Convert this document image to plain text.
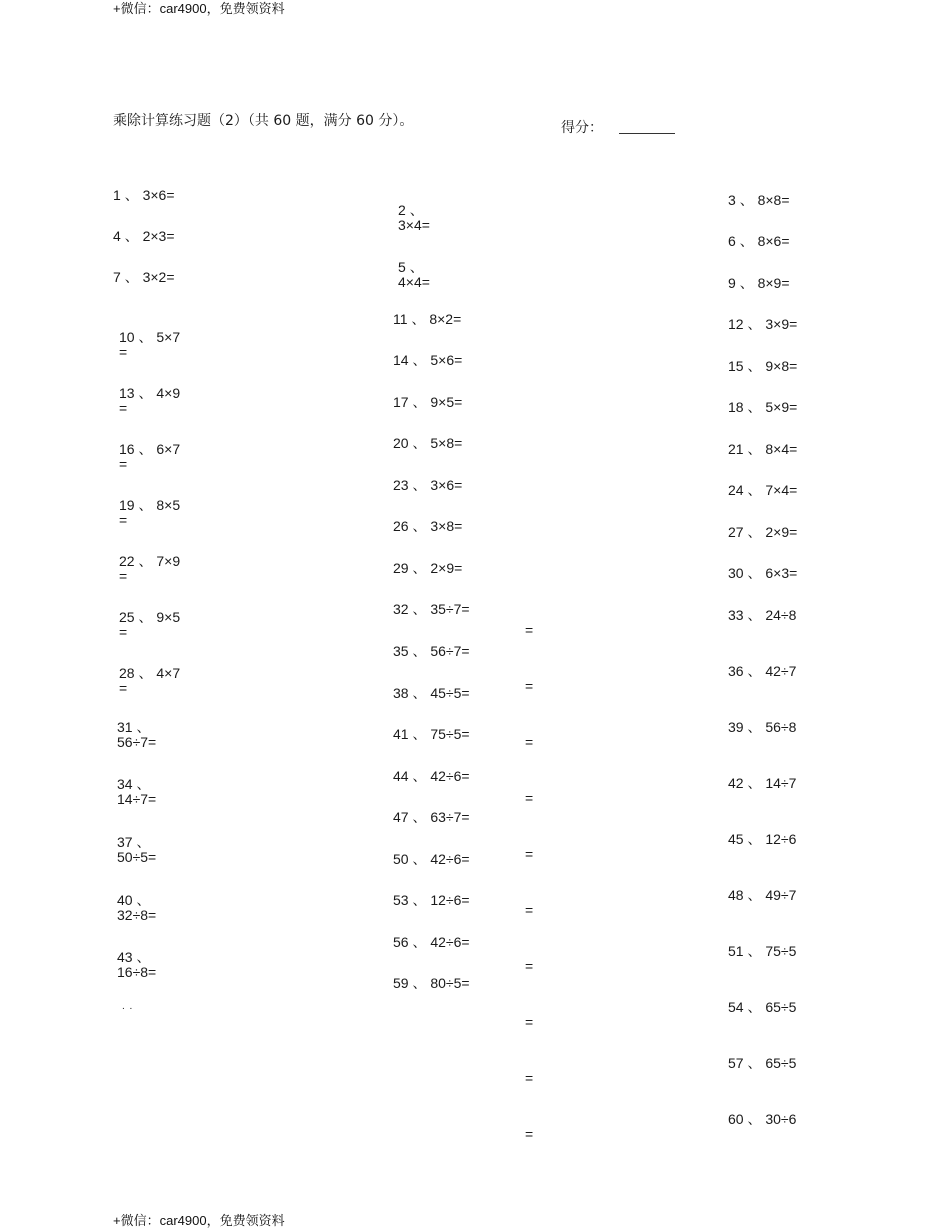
+微信：car4900，免费领资料
乘除计算练习题（2）（共 60 题，满分 60 分）。	得分：
1 、 3×6=
2 、
3×4=
3 、 8×8=
4 、 2×3=
5 、
4×4=
6 、 8×6=
7 、 3×2=	9 、 8×9=
10 、 5×7
=
11 、 8×2=	12 、 3×9=
13 、 4×9
=
14 、 5×6=	15 、 9×8=
16 、 6×7
=
17 、 9×5=	18 、 5×9=
19 、 8×5
=
20 、 5×8=	21 、 8×4=
22 、 7×9
=
23 、 3×6=	24 、 7×4=
25 、 9×5
=
26 、 3×8=	27 、 2×9=
28 、 4×7
=
29 、 2×9=	30 、 6×3=
31 、
56÷7=
32 、 35÷7=	33 、 24÷8
34 、
14÷7=
35 、 56÷7=
36 、 42÷7
37 、
50÷5=
38 、 45÷5=
39 、 56÷8
40 、
32÷8=
41 、 75÷5=
42 、 14÷7
43 、
16÷8=
44 、 42÷6=
45 、 12÷6
47 、 63÷7=
48 、 49÷7
50 、 42÷6=
51 、 75÷5
53 、 12÷6=
54 、 65÷5
56 、 42÷6=
57 、 65÷5
59 、 80÷5=
60 、 30÷6
=
=
=
=
=
=
=
=
=
=
. .
+微信：car4900，免费领资料
